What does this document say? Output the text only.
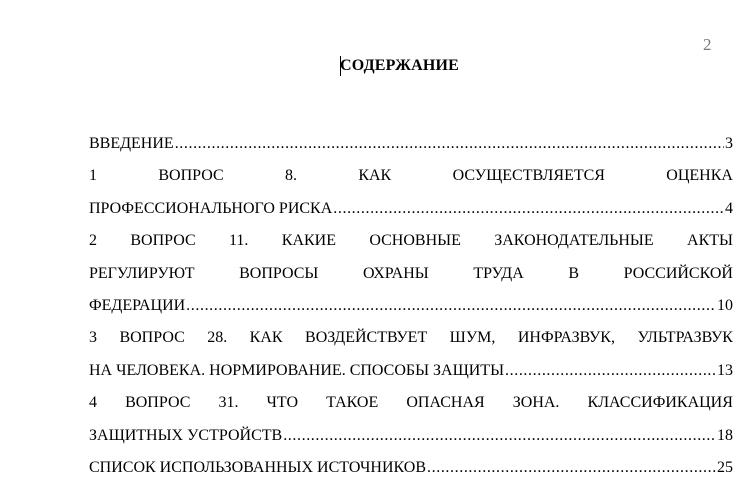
2
СОДЕРЖАНИЕ
ВВЕДЕНИЕ .....	3
1	ВОПРОС	8.	КАК	ОСУЩЕСТВЛЯЕТСЯ	ОЦЕНКА
ПРОФЕССИОНАЛЬНОГО РИСКА .....	4
2 ВОПРОС 11. КАКИЕ ОСНОВНЫЕ ЗАКОНОДАТЕЛЬНЫЕ АКТЫ
РЕГУЛИРУЮТ	ВОПРОСЫ	ОХРАНЫ	ТРУДА	В	РОССИЙСКОЙ
ФЕДЕРАЦИИ .....	10
3 ВОПРОС 28. КАК ВОЗДЕЙСТВУЕТ ШУМ, ИНФРАЗВУК, УЛЬТРАЗВУК
НА ЧЕЛОВЕКА. НОРМИРОВАНИЕ. СПОСОБЫ ЗАЩИТЫ .....	13
4 ВОПРОС 31. ЧТО ТАКОЕ ОПАСНАЯ ЗОНА. КЛАССИФИКАЦИЯ
ЗАЩИТНЫХ УСТРОЙСТВ .....	18
СПИСОК ИСПОЛЬЗОВАННЫХ ИСТОЧНИКОВ .....	25
